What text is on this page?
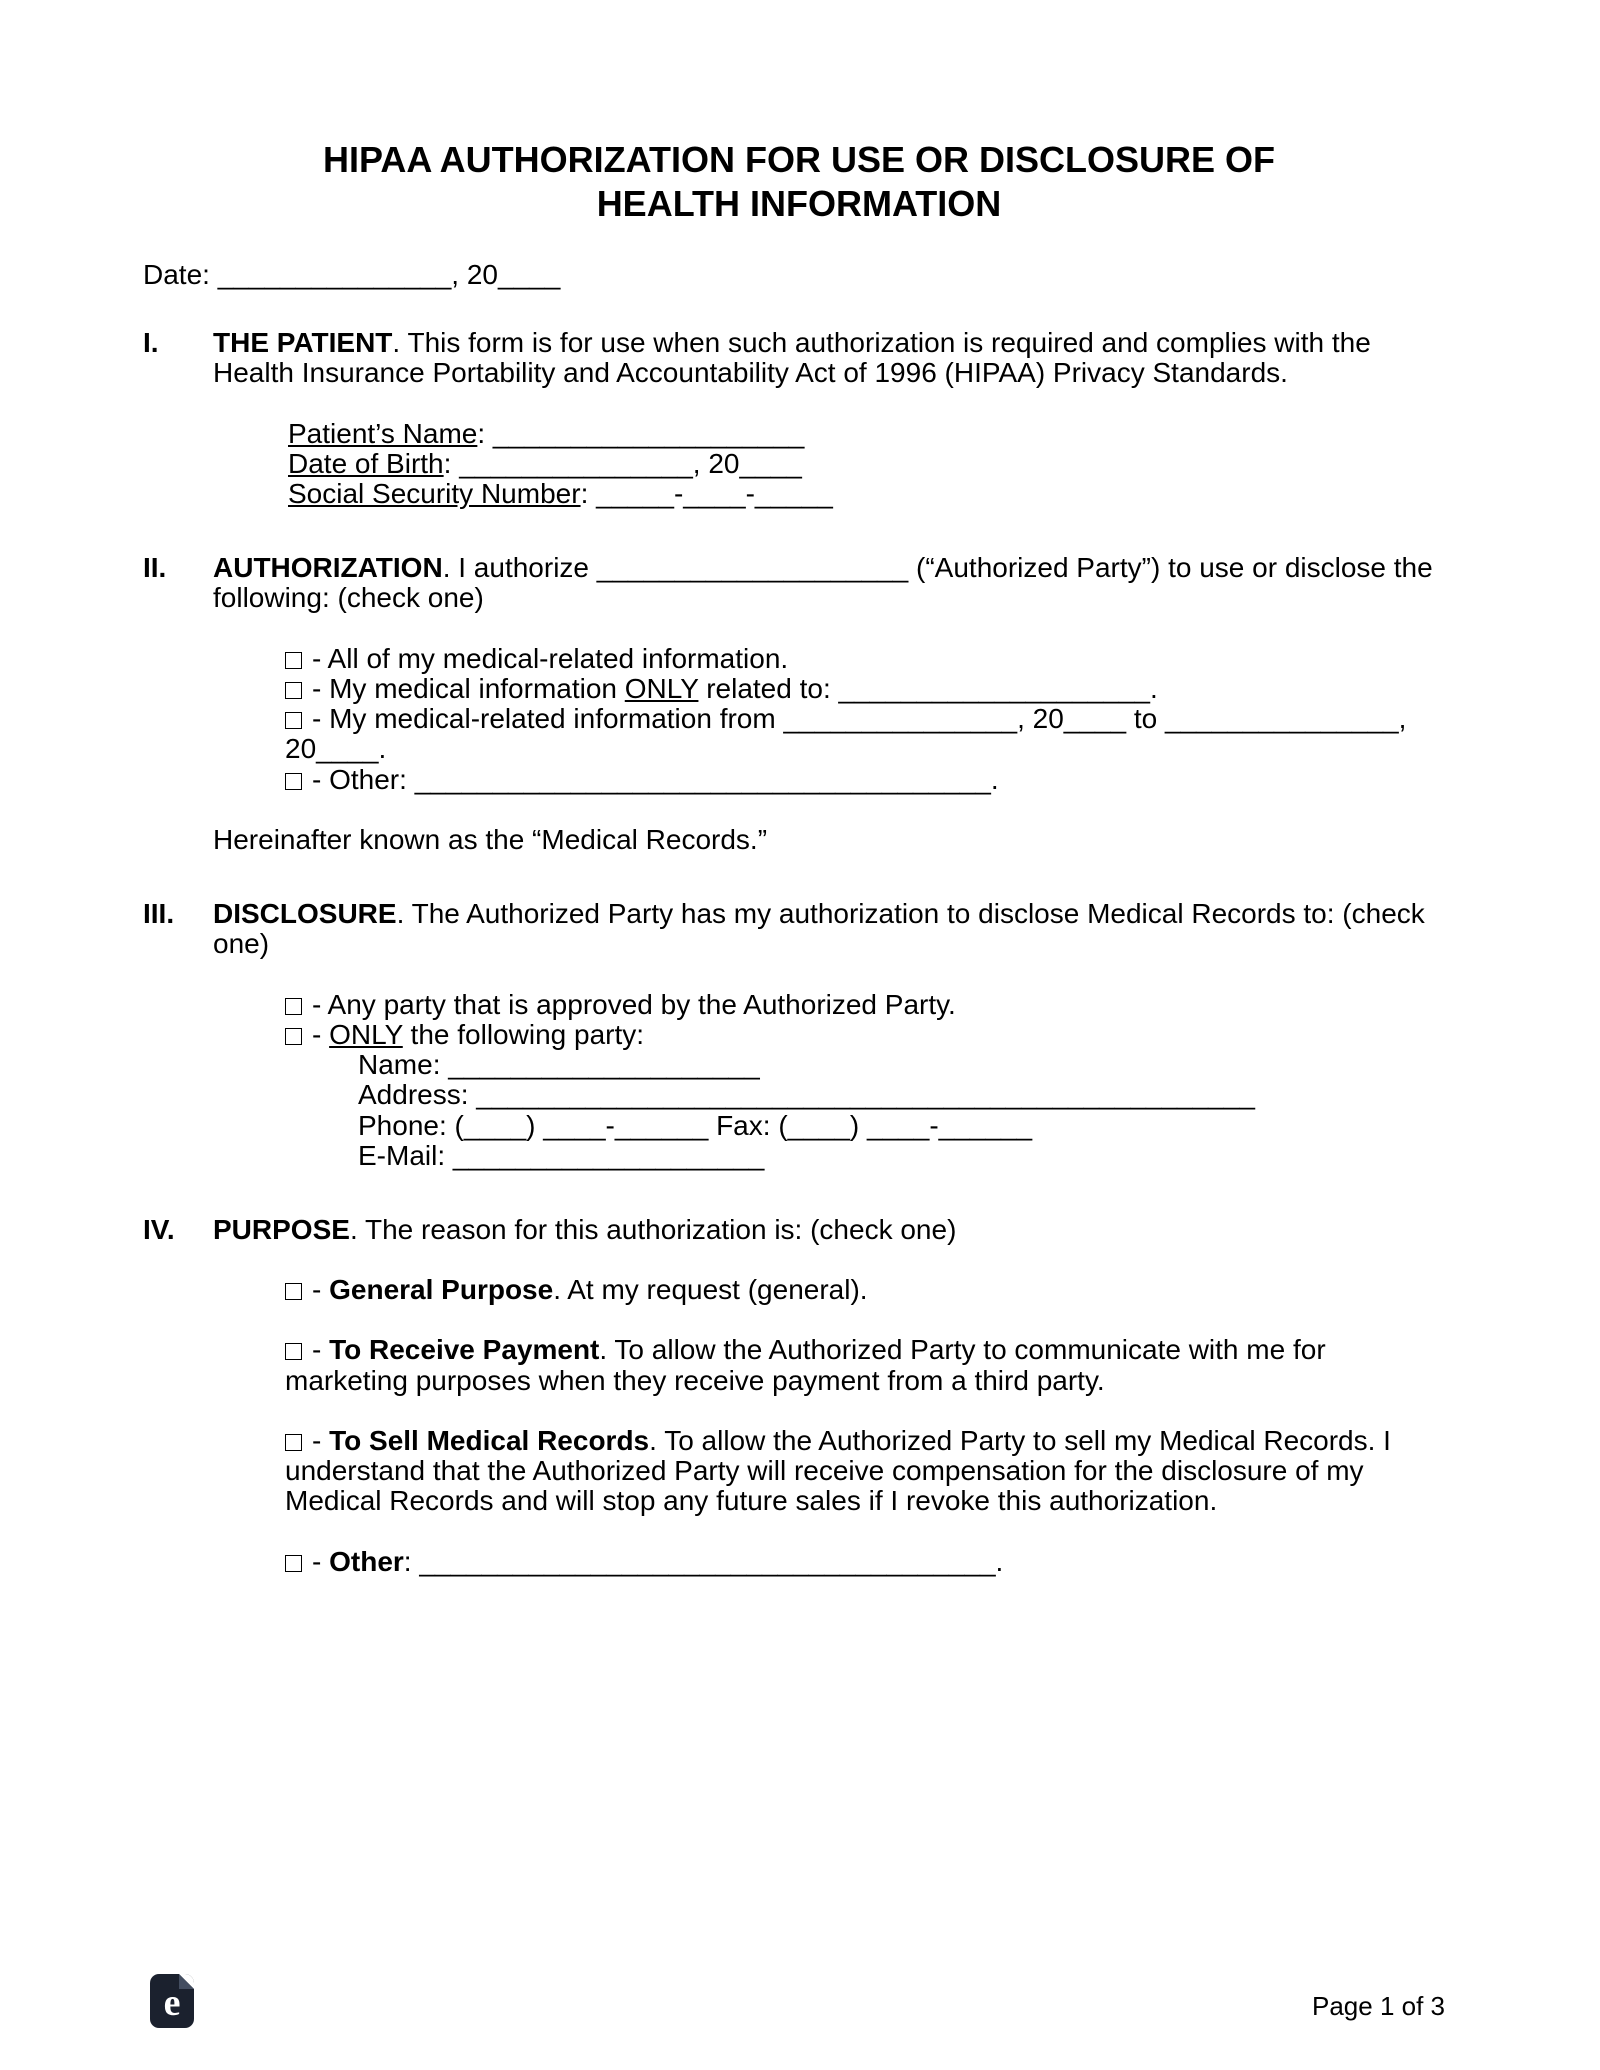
HIPAA AUTHORIZATION FOR USE OR DISCLOSURE OF
HEALTH INFORMATION

Date: _______________, 20____

I.	THE PATIENT. This form is for use when such authorization is required and complies with the Health Insurance Portability and Accountability Act of 1996 (HIPAA) Privacy Standards.

Patient’s Name: ____________________

Date of Birth: _______________, 20____

Social Security Number: _____-____-_____

II.	AUTHORIZATION. I authorize ____________________ (“Authorized Party”) to use or disclose the following: (check one)

- All of my medical-related information.

- My medical information ONLY related to: ____________________.

- My medical-related information from _______________, 20____ to _______________, 20____.

- Other: _____________________________________.

Hereinafter known as the “Medical Records.”

III.	DISCLOSURE. The Authorized Party has my authorization to disclose Medical Records to: (check one)

- Any party that is approved by the Authorized Party.

- ONLY the following party:

Name: ____________________

Address: __________________________________________________

Phone: (____) ____-______ Fax: (____) ____-______

E-Mail: ____________________

IV.	PURPOSE. The reason for this authorization is: (check one)

- General Purpose. At my request (general).

- To Receive Payment. To allow the Authorized Party to communicate with me for marketing purposes when they receive payment from a third party.

- To Sell Medical Records. To allow the Authorized Party to sell my Medical Records. I understand that the Authorized Party will receive compensation for the disclosure of my Medical Records and will stop any future sales if I revoke this authorization.

- Other: _____________________________________.

e	Page 1 of 3
